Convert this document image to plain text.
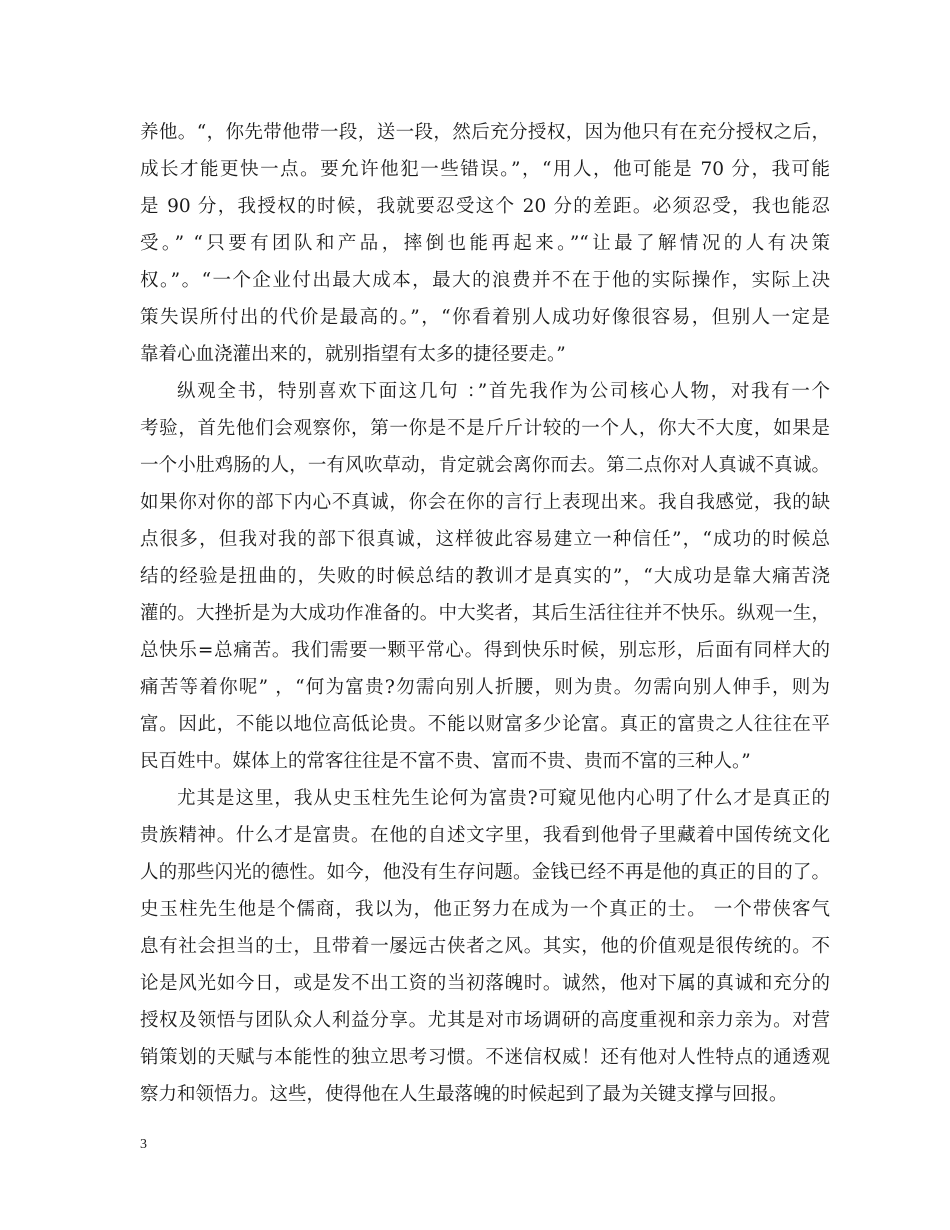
养他。“，你先带他带一段，送一段，然后充分授权，因为他只有在充分授权之后，
成长才能更快一点。要允许他犯一些错误。”，“用人，他可能是 70 分，我可能
是 90 分，我授权的时候，我就要忍受这个 20 分的差距。必须忍受，我也能忍
受。” “只要有团队和产品，摔倒也能再起来。”“让最了解情况的人有决策
权。”。“一个企业付出最大成本，最大的浪费并不在于他的实际操作，实际上决
策失误所付出的代价是最高的。”，“你看着别人成功好像很容易，但别人一定是
靠着心血浇灌出来的，就别指望有太多的捷径要走。”
纵观全书，特别喜欢下面这几句 ：”首先我作为公司核心人物，对我有一个
考验，首先他们会观察你，第一你是不是斤斤计较的一个人，你大不大度，如果是
一个小肚鸡肠的人，一有风吹草动，肯定就会离你而去。第二点你对人真诚不真诚。
如果你对你的部下内心不真诚，你会在你的言行上表现出来。我自我感觉，我的缺
点很多，但我对我的部下很真诚，这样彼此容易建立一种信任”，“成功的时候总
结的经验是扭曲的，失败的时候总结的教训才是真实的”，“大成功是靠大痛苦浇
灌的。大挫折是为大成功作准备的。中大奖者，其后生活往往并不快乐。纵观一生，
总快乐=总痛苦。我们需要一颗平常心。得到快乐时候，别忘形，后面有同样大的
痛苦等着你呢” ，“何为富贵?勿需向别人折腰，则为贵。勿需向别人伸手，则为
富。因此，不能以地位高低论贵。不能以财富多少论富。真正的富贵之人往往在平
民百姓中。媒体上的常客往往是不富不贵、富而不贵、贵而不富的三种人。”
尤其是这里，我从史玉柱先生论何为富贵?可窥见他内心明了什么才是真正的
贵族精神。什么才是富贵。在他的自述文字里，我看到他骨子里藏着中国传统文化
人的那些闪光的德性。如今，他没有生存问题。金钱已经不再是他的真正的目的了。
史玉柱先生他是个儒商，我以为，他正努力在成为一个真正的士。 一个带侠客气
息有社会担当的士，且带着一屡远古侠者之风。其实，他的价值观是很传统的。不
论是风光如今日，或是发不出工资的当初落魄时。诚然，他对下属的真诚和充分的
授权及领悟与团队众人利益分享。尤其是对市场调研的高度重视和亲力亲为。对营
销策划的天赋与本能性的独立思考习惯。不迷信权威！还有他对人性特点的通透观
察力和领悟力。这些，使得他在人生最落魄的时候起到了最为关键支撑与回报。
3
